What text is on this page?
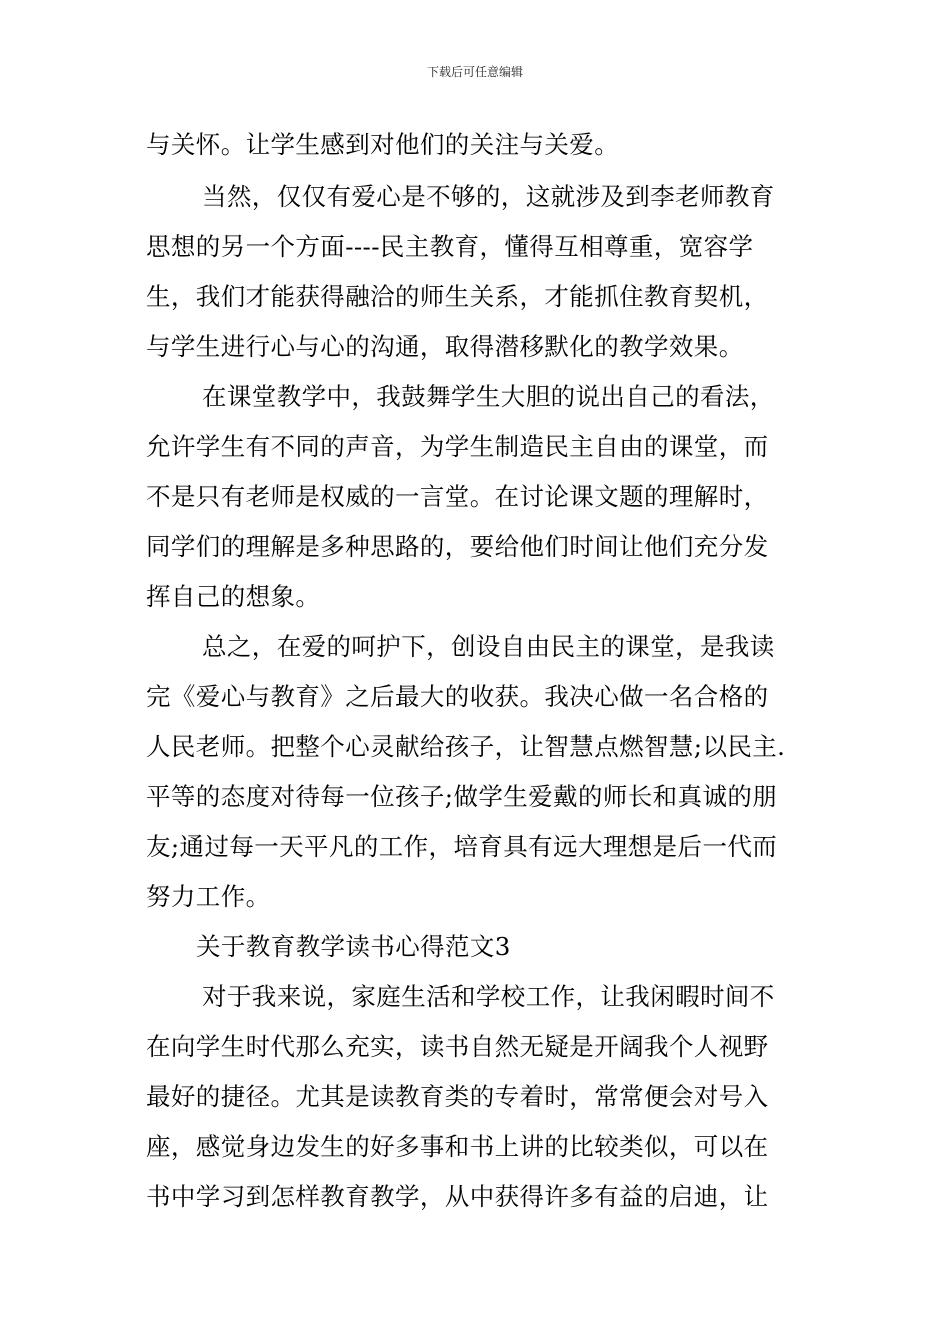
下载后可任意编辑
与关怀。让学生感到对他们的关注与关爱。
当然，仅仅有爱心是不够的，这就涉及到李老师教育
思想的另一个方面----民主教育，懂得互相尊重，宽容学
生，我们才能获得融洽的师生关系，才能抓住教育契机，
与学生进行心与心的沟通，取得潜移默化的教学效果。
在课堂教学中，我鼓舞学生大胆的说出自己的看法，
允许学生有不同的声音，为学生制造民主自由的课堂，而
不是只有老师是权威的一言堂。在讨论课文题的理解时，
同学们的理解是多种思路的，要给他们时间让他们充分发
挥自己的想象。
总之，在爱的呵护下，创设自由民主的课堂，是我读
完《爱心与教育》之后最大的收获。我决心做一名合格的
人民老师。把整个心灵献给孩子，让智慧点燃智慧;以民主.
平等的态度对待每一位孩子;做学生爱戴的师长和真诚的朋
友;通过每一天平凡的工作，培育具有远大理想是后一代而
努力工作。
关于教育教学读书心得范文3
对于我来说，家庭生活和学校工作，让我闲暇时间不
在向学生时代那么充实，读书自然无疑是开阔我个人视野
最好的捷径。尤其是读教育类的专着时，常常便会对号入
座，感觉身边发生的好多事和书上讲的比较类似，可以在
书中学习到怎样教育教学，从中获得许多有益的启迪，让
